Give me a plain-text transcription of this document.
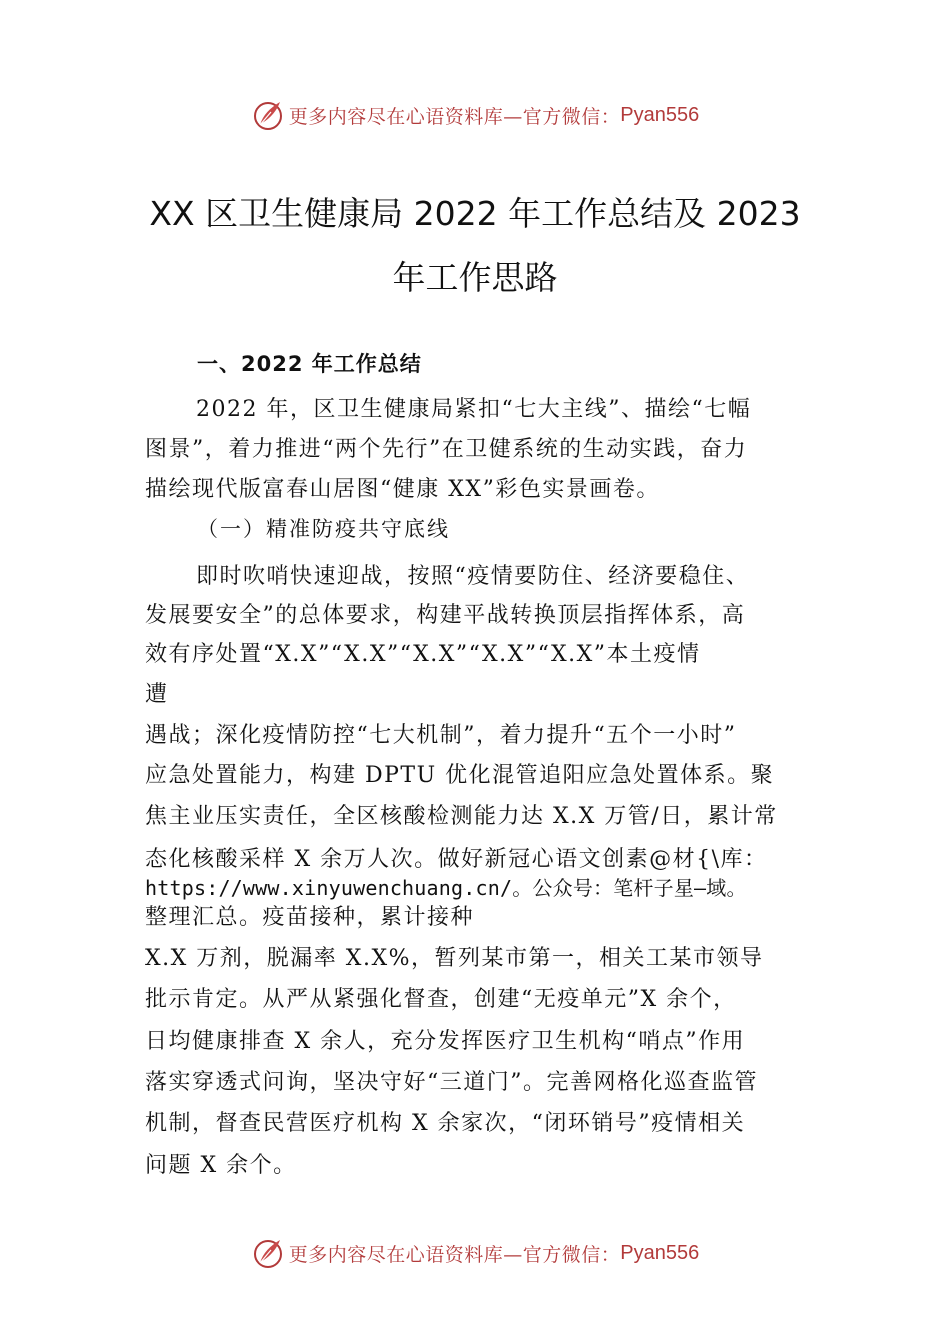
更多内容尽在心语资料库—官方微信： Pyan556
XX 区卫生健康局 2022 年工作总结及 2023
年工作思路
一、2022 年工作总结
2022 年，区卫生健康局紧扣“七大主线”、描绘“七幅
图景”，着力推进“两个先行”在卫健系统的生动实践，奋力
描绘现代版富春山居图“健康 XX”彩色实景画卷。
（一）精准防疫共守底线
即时吹哨快速迎战，按照“疫情要防住、经济要稳住、
发展要安全”的总体要求，构建平战转换顶层指挥体系，高
效有序处置“X.X”“X.X”“X.X”“X.X”“X.X”本土疫情
遭
遇战；深化疫情防控“七大机制”，着力提升“五个一小时”
应急处置能力，构建 DPTU 优化混管追阳应急处置体系。聚
焦主业压实责任，全区核酸检测能力达 X.X 万管/日，累计常
态化核酸采样 X 余万人次。做好新冠心语文创素@材{\库：
https://www.xinyuwenchuang.cn/。公众号：笔杆子星—域。
整理汇总。疫苗接种，累计接种
X.X 万剂，脱漏率 X.X%，暂列某市第一，相关工某市领导
批示肯定。从严从紧强化督查，创建“无疫单元”X 余个，
日均健康排查 X 余人，充分发挥医疗卫生机构“哨点”作用
落实穿透式问询，坚决守好“三道门”。完善网格化巡查监管
机制，督查民营医疗机构 X 余家次，“闭环销号”疫情相关
问题 X 余个。
更多内容尽在心语资料库—官方微信： Pyan556
